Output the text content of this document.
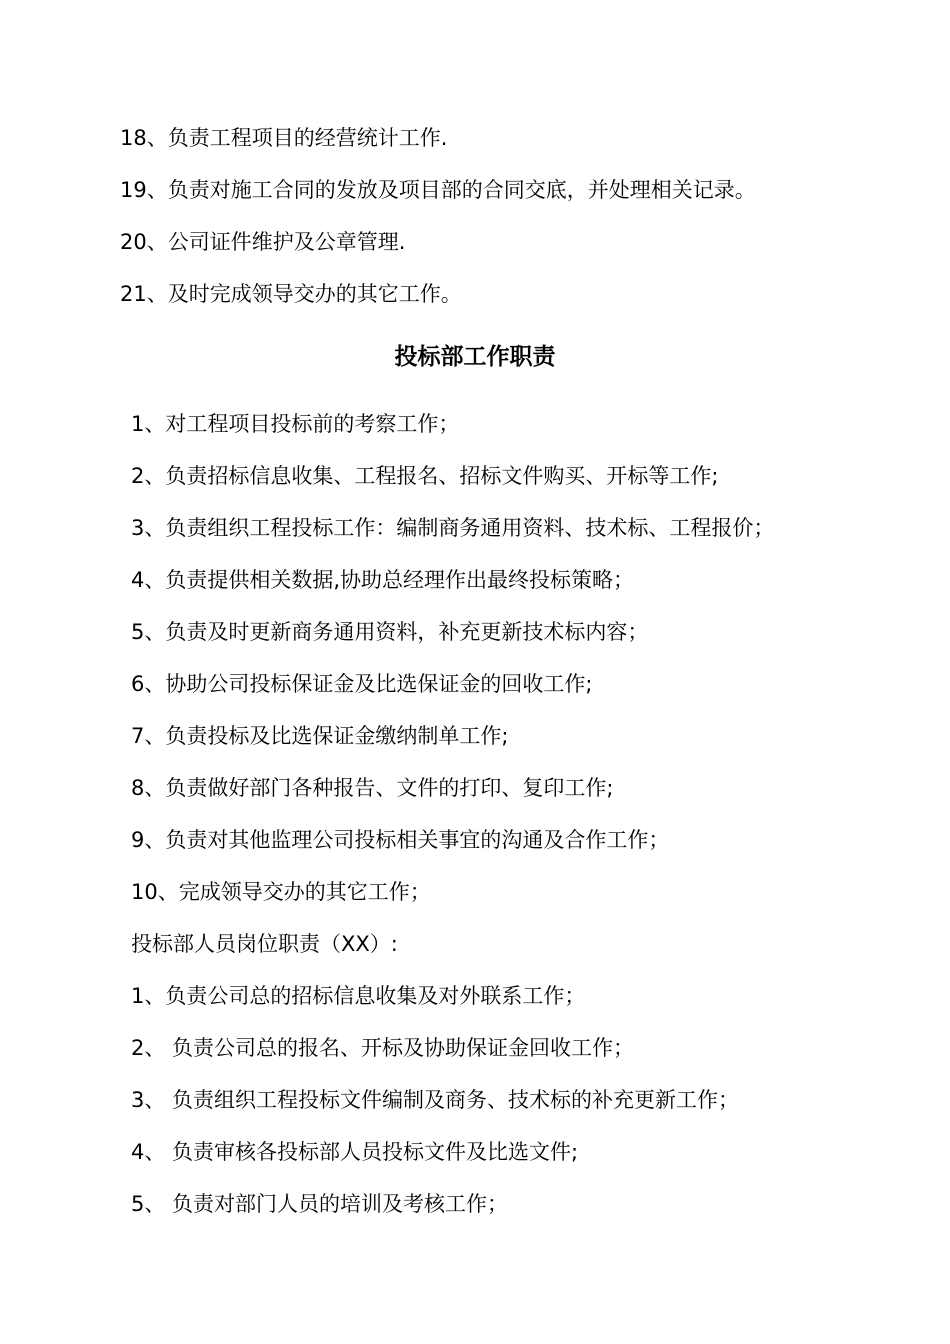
18、负责工程项目的经营统计工作.
19、负责对施工合同的发放及项目部的合同交底，并处理相关记录。
20、公司证件维护及公章管理.
21、及时完成领导交办的其它工作。
投标部工作职责
1、对工程项目投标前的考察工作；
2、负责招标信息收集、工程报名、招标文件购买、开标等工作;
3、负责组织工程投标工作：编制商务通用资料、技术标、工程报价；
4、负责提供相关数据,协助总经理作出最终投标策略；
5、负责及时更新商务通用资料，补充更新技术标内容；
6、协助公司投标保证金及比选保证金的回收工作;
7、负责投标及比选保证金缴纳制单工作;
8、负责做好部门各种报告、文件的打印、复印工作;
9、负责对其他监理公司投标相关事宜的沟通及合作工作；
10、完成领导交办的其它工作；
投标部人员岗位职责（XX）:
1、负责公司总的招标信息收集及对外联系工作；
2、 负责公司总的报名、开标及协助保证金回收工作；
3、 负责组织工程投标文件编制及商务、技术标的补充更新工作；
4、 负责审核各投标部人员投标文件及比选文件;
5、 负责对部门人员的培训及考核工作；
